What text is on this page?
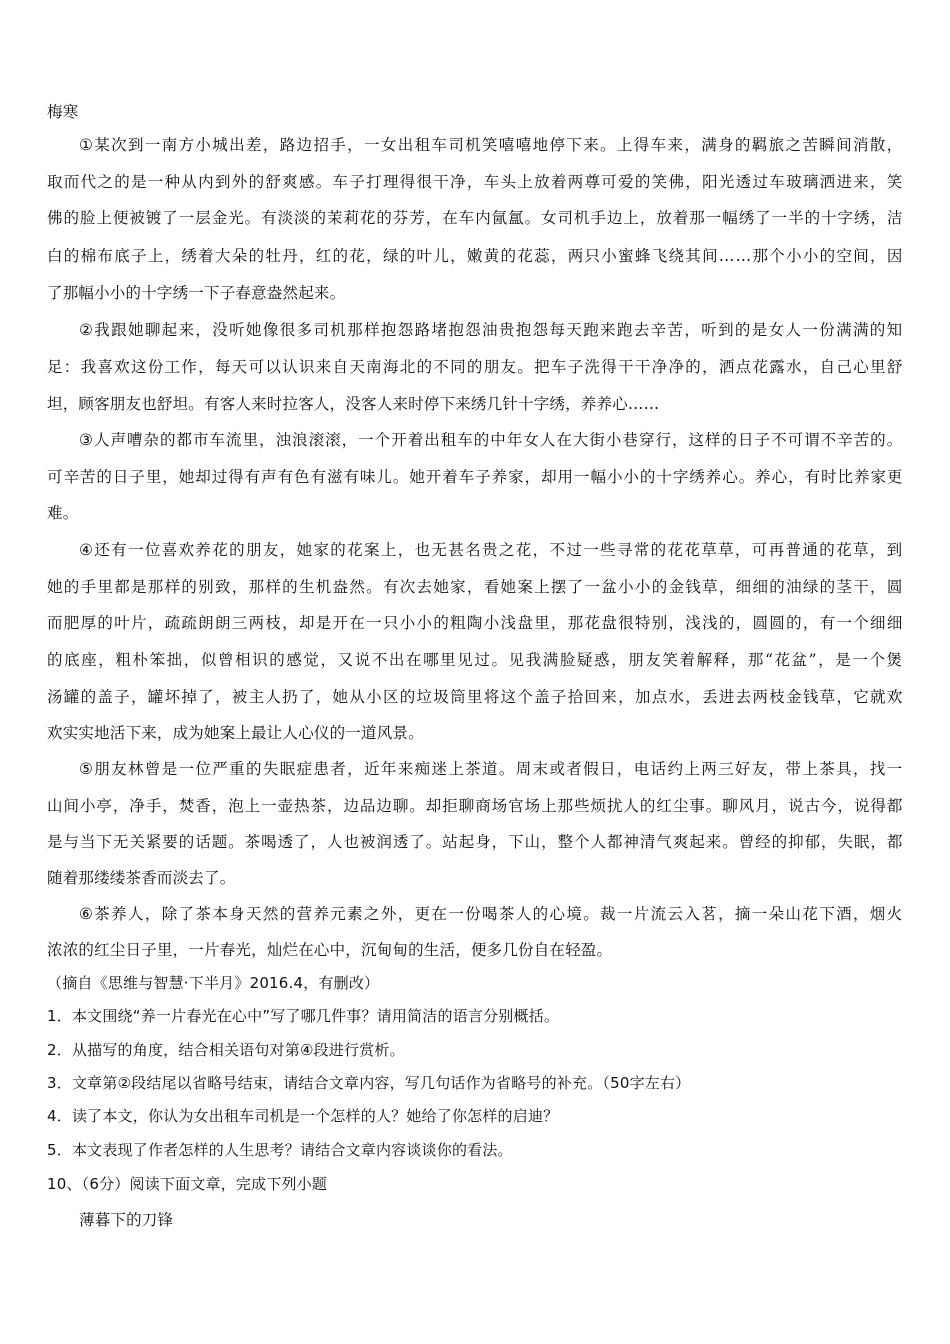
梅寒
① 某 次 到 一 南 方 小 城 出 差 ， 路 边 招 手 ， 一 女 出 租 车 司 机 笑 嘻 嘻 地 停 下 来 。 上 得 车 来 ， 满 身 的 羁 旅 之 苦 瞬 间 消 散 ，
取 而 代 之 的 是 一 种 从 内 到 外 的 舒 爽 感 。 车 子 打 理 得 很 干 净 ， 车 头 上 放 着 两 尊 可 爱 的 笑 佛 ， 阳 光 透 过 车 玻 璃 洒 进 来 ， 笑
佛 的 脸 上 便 被 镀 了 一 层 金 光 。 有 淡 淡 的 茉 莉 花 的 芬 芳 ， 在 车 内 氤 氲 。 女 司 机 手 边 上 ， 放 着 那 一 幅 绣 了 一 半 的 十 字 绣 ， 洁
白 的 棉 布 底 子 上 ， 绣 着 大 朵 的 牡 丹 ， 红 的 花 ， 绿 的 叶 儿 ， 嫩 黄 的 花 蕊 ， 两 只 小 蜜 蜂 飞 绕 其 间 … … 那 个 小 小 的 空 间 ， 因
了那幅小小的十字绣一下子春意盎然起来。
② 我 跟 她 聊 起 来 ， 没 听 她 像 很 多 司 机 那 样 抱 怨 路 堵 抱 怨 油 贵 抱 怨 每 天 跑 来 跑 去 辛 苦 ， 听 到 的 是 女 人 一 份 满 满 的 知
足 ： 我 喜 欢 这 份 工 作 ， 每 天 可 以 认 识 来 自 天 南 海 北 的 不 同 的 朋 友 。 把 车 子 洗 得 干 干 净 净 的 ， 洒 点 花 露 水 ， 自 己 心 里 舒
坦，顾客朋友也舒坦。有客人来时拉客人，没客人来时停下来绣几针十字绣，养养心……
③ 人 声 嘈 杂 的 都 市 车 流 里 ， 浊 浪 滚 滚 ， 一 个 开 着 出 租 车 的 中 年 女 人 在 大 街 小 巷 穿 行 ， 这 样 的 日 子 不 可 谓 不 辛 苦 的 。
可 辛 苦 的 日 子 里 ， 她 却 过 得 有 声 有 色 有 滋 有 味 儿 。 她 开 着 车 子 养 家 ， 却 用 一 幅 小 小 的 十 字 绣 养 心 。 养 心 ， 有 时 比 养 家 更
难。
④ 还 有 一 位 喜 欢 养 花 的 朋 友 ， 她 家 的 花 案 上 ， 也 无 甚 名 贵 之 花 ， 不 过 一 些 寻 常 的 花 花 草 草 ， 可 再 普 通 的 花 草 ， 到
她 的 手 里 都 是 那 样 的 别 致 ， 那 样 的 生 机 盎 然 。 有 次 去 她 家 ， 看 她 案 上 摆 了 一 盆 小 小 的 金 钱 草 ， 细 细 的 油 绿 的 茎 干 ， 圆
而 肥 厚 的 叶 片 ， 疏 疏 朗 朗 三 两 枝 ， 却 是 开 在 一 只 小 小 的 粗 陶 小 浅 盘 里 ， 那 花 盘 很 特 别 ， 浅 浅 的 ， 圆 圆 的 ， 有 一 个 细 细
的 底 座 ， 粗 朴 笨 拙 ， 似 曾 相 识 的 感 觉 ， 又 说 不 出 在 哪 里 见 过 。 见 我 满 脸 疑 惑 ， 朋 友 笑 着 解 释 ， 那 “ 花 盆 ” ， 是 一 个 煲
汤 罐 的 盖 子 ， 罐 坏 掉 了 ， 被 主 人 扔 了 ， 她 从 小 区 的 垃 圾 筒 里 将 这 个 盖 子 拾 回 来 ， 加 点 水 ， 丢 进 去 两 枝 金 钱 草 ， 它 就 欢
欢实实地活下来，成为她案上最让人心仪的一道风景。
⑤ 朋 友 林 曾 是 一 位 严 重 的 失 眠 症 患 者 ， 近 年 来 痴 迷 上 茶 道 。 周 末 或 者 假 日 ， 电 话 约 上 两 三 好 友 ， 带 上 茶 具 ， 找 一
山 间 小 亭 ， 净 手 ， 焚 香 ， 泡 上 一 壶 热 茶 ， 边 品 边 聊 。 却 拒 聊 商 场 官 场 上 那 些 烦 扰 人 的 红 尘 事 。 聊 风 月 ， 说 古 今 ， 说 得 都
是 与 当 下 无 关 紧 要 的 话 题 。 茶 喝 透 了 ， 人 也 被 润 透 了 。 站 起 身 ， 下 山 ， 整 个 人 都 神 清 气 爽 起 来 。 曾 经 的 抑 郁 ， 失 眠 ， 都
随着那缕缕茶香而淡去了。
⑥ 茶 养 人 ， 除 了 茶 本 身 天 然 的 营 养 元 素 之 外 ， 更 在 一 份 喝 茶 人 的 心 境 。 裁 一 片 流 云 入 茗 ， 摘 一 朵 山 花 下 酒 ， 烟 火
浓浓的红尘日子里，一片春光，灿烂在心中，沉甸甸的生活，便多几份自在轻盈。
（摘自《思维与智慧·下半月》2016.4，有删改）
1．本文围绕“养一片春光在心中”写了哪几件事？请用简洁的语言分别概括。
2．从描写的角度，结合相关语句对第④段进行赏析。
3．文章第②段结尾以省略号结束，请结合文章内容，写几句话作为省略号的补充。（50字左右）
4．读了本文，你认为女出租车司机是一个怎样的人？她给了你怎样的启迪？
5．本文表现了作者怎样的人生思考？请结合文章内容谈谈你的看法。
10、（6分）阅读下面文章，完成下列小题
薄暮下的刀锋
